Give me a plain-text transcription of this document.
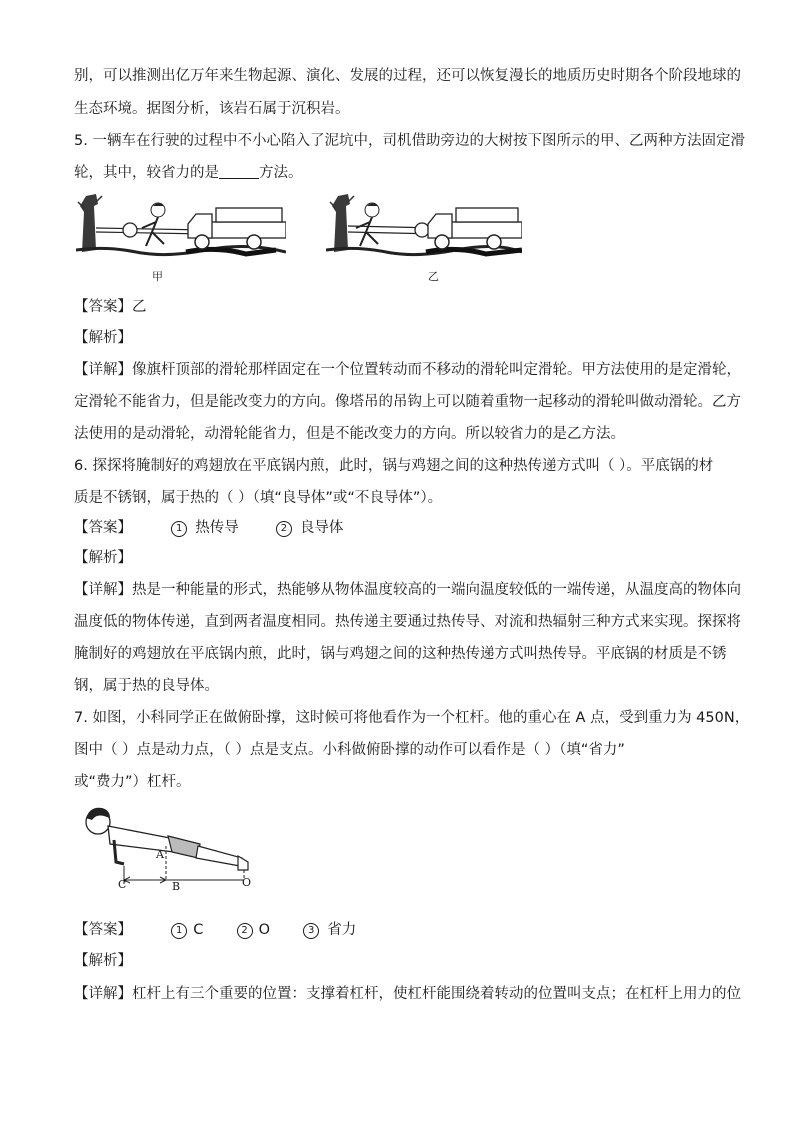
别，可以推测出亿万年来生物起源、演化、发展的过程，还可以恢复漫长的地质历史时期各个阶段地球的
生态环境。据图分析，该岩石属于沉积岩。
5. 一辆车在行驶的过程中不小心陷入了泥坑中，司机借助旁边的大树按下图所示的甲、乙两种方法固定滑
轮，其中，较省力的是	方法。
甲	乙
【答案】乙
【解析】
【详解】像旗杆顶部的滑轮那样固定在一个位置转动而不移动的滑轮叫定滑轮。甲方法使用的是定滑轮，
定滑轮不能省力，但是能改变力的方向。像塔吊的吊钩上可以随着重物一起移动的滑轮叫做动滑轮。乙方
法使用的是动滑轮，动滑轮能省力，但是不能改变力的方向。所以较省力的是乙方法。
6. 探探将腌制好的鸡翅放在平底锅内煎，此时，锅与鸡翅之间的这种热传递方式叫（ ）。平底锅的材
质是不锈钢，属于热的（ ）（填“良导体”或“不良导体”）。
【答案】	1 热传导	2 良导体
【解析】
【详解】热是一种能量的形式，热能够从物体温度较高的一端向温度较低的一端传递，从温度高的物体向
温度低的物体传递，直到两者温度相同。热传递主要通过热传导、对流和热辐射三种方式来实现。探探将
腌制好的鸡翅放在平底锅内煎，此时，锅与鸡翅之间的这种热传递方式叫热传导。平底锅的材质是不锈
钢，属于热的良导体。
7. 如图，小科同学正在做俯卧撑，这时候可将他看作为一个杠杆。他的重心在 A 点，受到重力为 450N，
图中（ ）点是动力点，（ ）点是支点。小科做俯卧撑的动作可以看作是（ ）（填“省力”
或“费力”）杠杆。
A
C	B	O
【答案】	1 C	2 O	3 省力
【解析】
【详解】杠杆上有三个重要的位置：支撑着杠杆，使杠杆能围绕着转动的位置叫支点；在杠杆上用力的位
